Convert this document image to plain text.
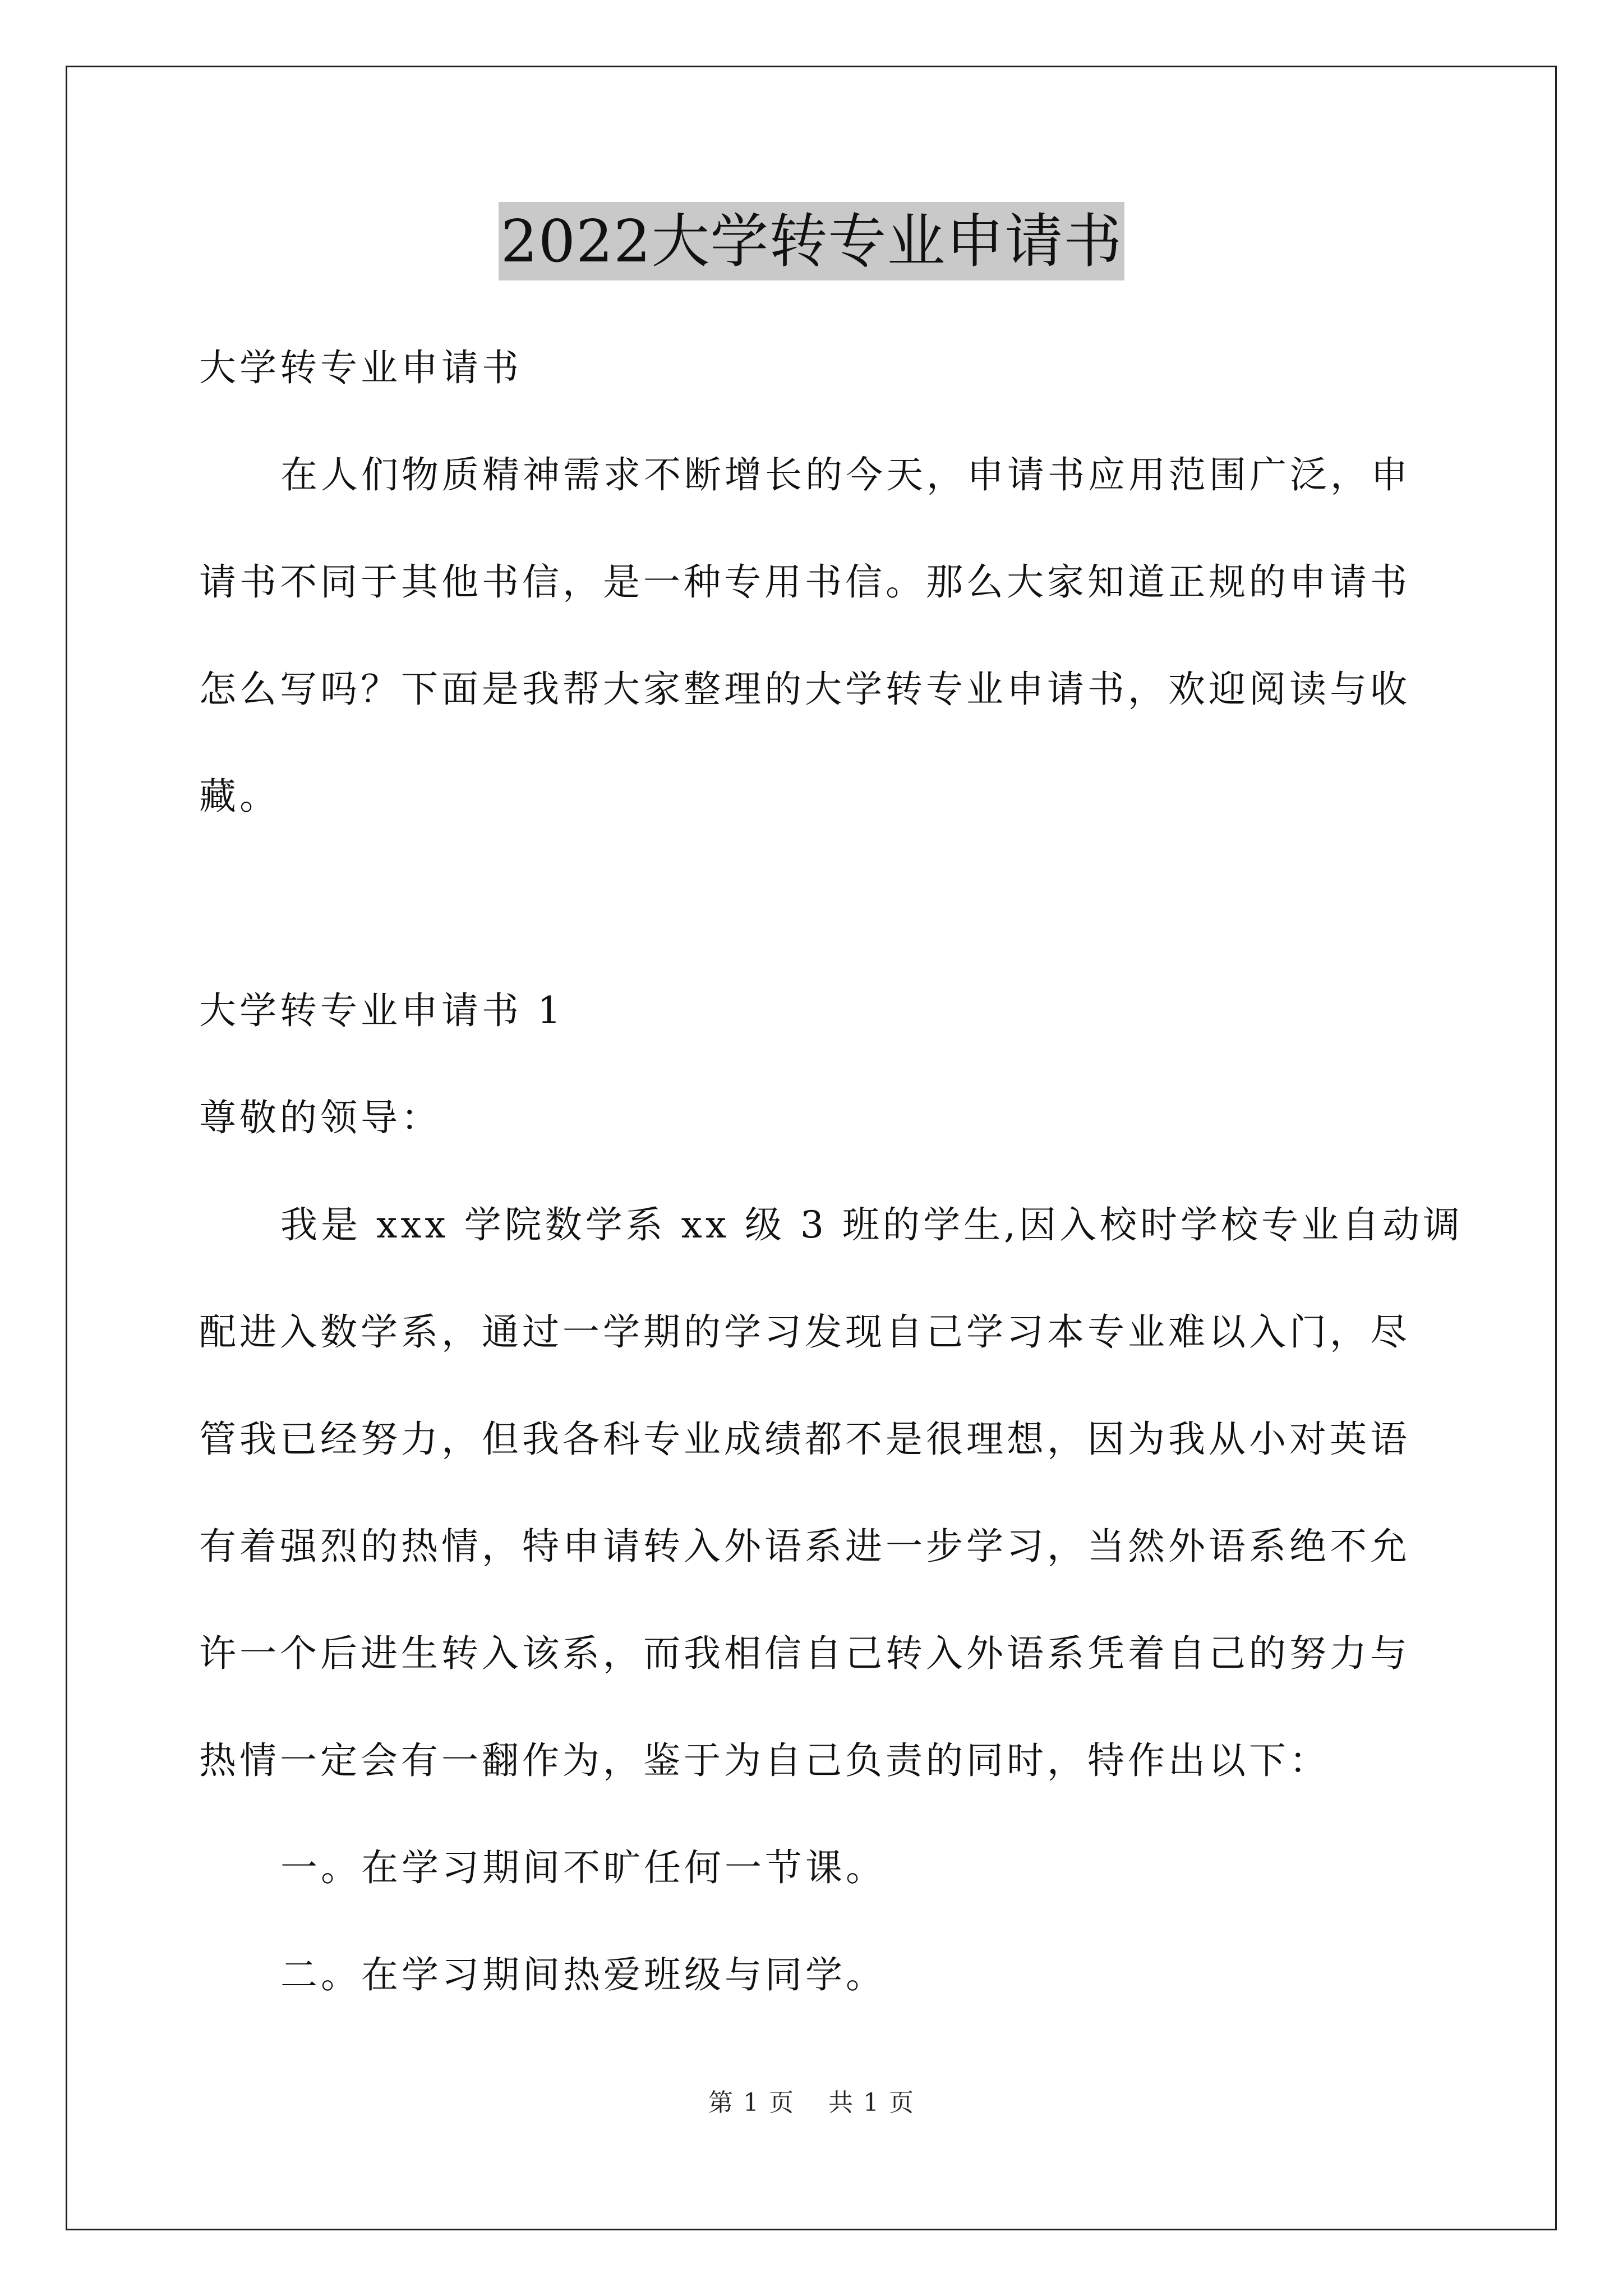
2022大学转专业申请书
大学转专业申请书
在人们物质精神需求不断增长的今天，申请书应用范围广泛，申
请书不同于其他书信，是一种专用书信。那么大家知道正规的申请书
怎么写吗？下面是我帮大家整理的大学转专业申请书，欢迎阅读与收
藏。
大学转专业申请书 1
尊敬的领导：
我是 xxx 学院数学系 xx 级 3 班的学生,因入校时学校专业自动调
配进入数学系，通过一学期的学习发现自己学习本专业难以入门，尽
管我已经努力，但我各科专业成绩都不是很理想，因为我从小对英语
有着强烈的热情，特申请转入外语系进一步学习，当然外语系绝不允
许一个后进生转入该系，而我相信自己转入外语系凭着自己的努力与
热情一定会有一翻作为，鉴于为自己负责的同时，特作出以下：
一。在学习期间不旷任何一节课。
二。在学习期间热爱班级与同学。
第 1 页 共 1 页
